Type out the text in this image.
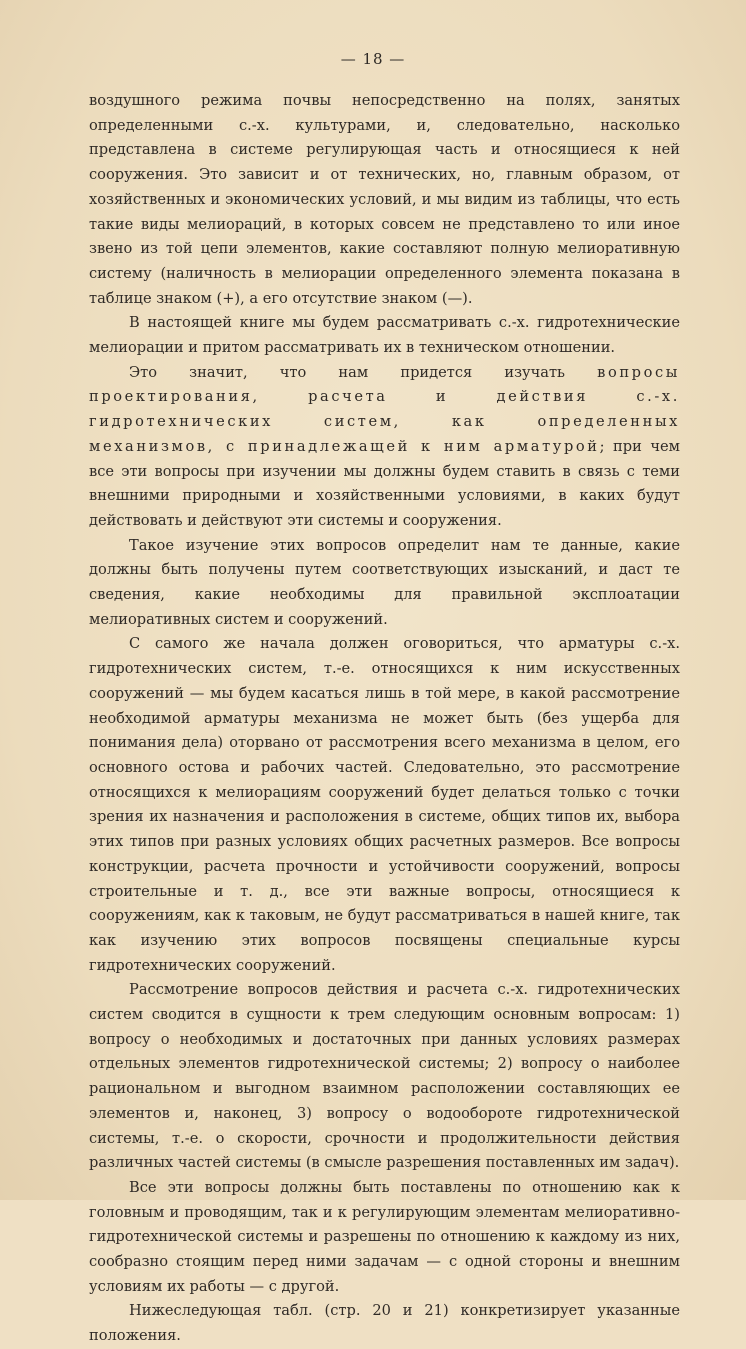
— 18 —

воздушного режима почвы непосредственно на полях, занятых определенными с.-х. культурами, и, следовательно, насколько представлена в системе регулирующая часть и относящиеся к ней сооружения. Это зависит и от технических, но, главным образом, от хозяйственных и экономических условий, и мы видим из таблицы, что есть такие виды мелиораций, в которых совсем не представлено то или иное звено из той цепи элементов, какие составляют полную мелиоративную систему (наличность в мелиорации определенного элемента показана в таблице знаком (+), а его отсутствие знаком (—).

В настоящей книге мы будем рассматривать с.-х. гидротехнические мелиорации и притом рассматривать их в техническом отношении.

Это значит, что нам придется изучать вопросы проектирования, расчета и действия с.-х. гидротехнических систем, как определенных механизмов, с принадлежащей к ним арматурой; при чем все эти вопросы при изучении мы должны будем ставить в связь с теми внешними природными и хозяйственными условиями, в каких будут действовать и действуют эти системы и сооружения.

Такое изучение этих вопросов определит нам те данные, какие должны быть получены путем соответствующих изысканий, и даст те сведения, какие необходимы для правильной эксплоатации мелиоративных систем и сооружений.

С самого же начала должен оговориться, что арматуры с.-х. гидротехнических систем, т.-е. относящихся к ним искусственных сооружений — мы будем касаться лишь в той мере, в какой рассмотрение необходимой арматуры механизма не может быть (без ущерба для понимания дела) оторвано от рассмотрения всего механизма в целом, его основного остова и рабочих частей. Следовательно, это рассмотрение относящихся к мелиорациям сооружений будет делаться только с точки зрения их назначения и расположения в системе, общих типов их, выбора этих типов при разных условиях общих расчетных размеров. Все вопросы конструкции, расчета прочности и устойчивости сооружений, вопросы строительные и т. д., все эти важные вопросы, относящиеся к сооружениям, как к таковым, не будут рассматриваться в нашей книге, так как изучению этих вопросов посвящены специальные курсы гидротехнических сооружений.

Рассмотрение вопросов действия и расчета с.-х. гидротехнических систем сводится в сущности к трем следующим основным вопросам: 1) вопросу о необходимых и достаточных при данных условиях размерах отдельных элементов гидротехнической системы; 2) вопросу о наиболее рациональном и выгодном взаимном расположении составляющих ее элементов и, наконец, 3) вопросу о водообороте гидротехнической системы, т.-е. о скорости, срочности и продолжительности действия различных частей системы (в смысле разрешения поставленных им задач).

Все эти вопросы должны быть поставлены по отношению как к головным и проводящим, так и к регулирующим элементам мелиоративно-гидротехнической системы и разрешены по отношению к каждому из них, сообразно стоящим перед ними задачам — с одной стороны и внешним условиям их работы — с другой.

Нижеследующая табл. (стр. 20 и 21) конкретизирует указанные положения.
